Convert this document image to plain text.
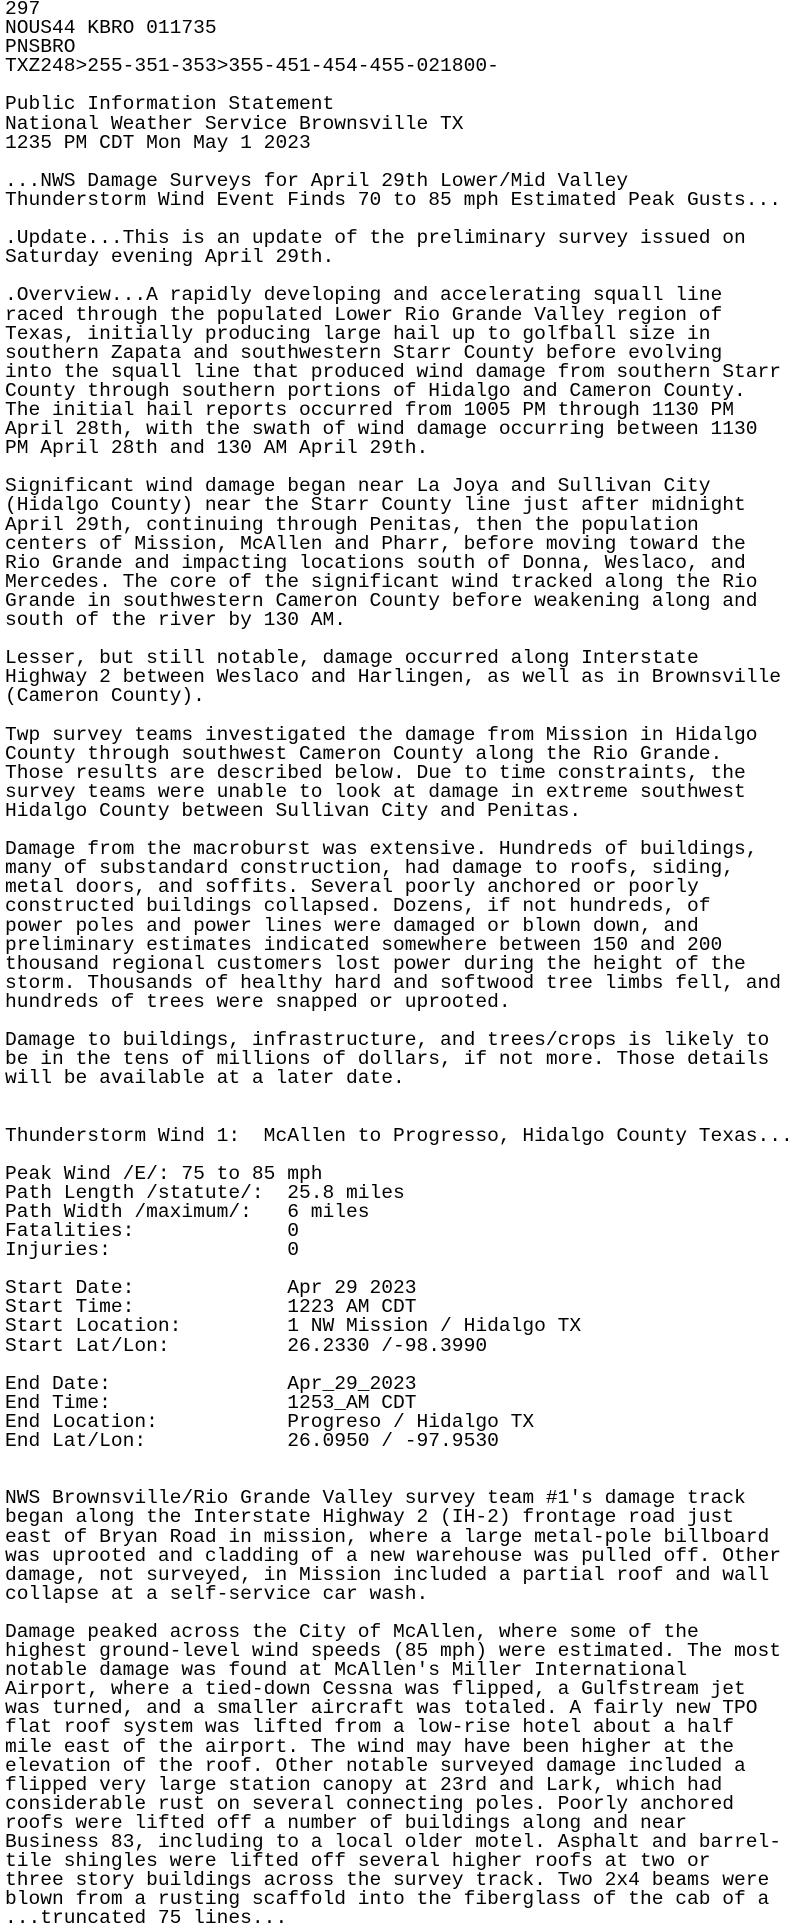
297
NOUS44 KBRO 011735
PNSBRO
TXZ248>255-351-353>355-451-454-455-021800-
Public Information Statement
National Weather Service Brownsville TX
1235 PM CDT Mon May 1 2023
...NWS Damage Surveys for April 29th Lower/Mid Valley
Thunderstorm Wind Event Finds 70 to 85 mph Estimated Peak Gusts...
.Update...This is an update of the preliminary survey issued on
Saturday evening April 29th.
.Overview...A rapidly developing and accelerating squall line
raced through the populated Lower Rio Grande Valley region of
Texas, initially producing large hail up to golfball size in
southern Zapata and southwestern Starr County before evolving
into the squall line that produced wind damage from southern Starr
County through southern portions of Hidalgo and Cameron County.
The initial hail reports occurred from 1005 PM through 1130 PM
April 28th, with the swath of wind damage occurring between 1130
PM April 28th and 130 AM April 29th.
Significant wind damage began near La Joya and Sullivan City
(Hidalgo County) near the Starr County line just after midnight
April 29th, continuing through Penitas, then the population
centers of Mission, McAllen and Pharr, before moving toward the
Rio Grande and impacting locations south of Donna, Weslaco, and
Mercedes. The core of the significant wind tracked along the Rio
Grande in southwestern Cameron County before weakening along and
south of the river by 130 AM.
Lesser, but still notable, damage occurred along Interstate
Highway 2 between Weslaco and Harlingen, as well as in Brownsville
(Cameron County).
Twp survey teams investigated the damage from Mission in Hidalgo
County through southwest Cameron County along the Rio Grande.
Those results are described below. Due to time constraints, the
survey teams were unable to look at damage in extreme southwest
Hidalgo County between Sullivan City and Penitas.
Damage from the macroburst was extensive. Hundreds of buildings,
many of substandard construction, had damage to roofs, siding,
metal doors, and soffits. Several poorly anchored or poorly
constructed buildings collapsed. Dozens, if not hundreds, of
power poles and power lines were damaged or blown down, and
preliminary estimates indicated somewhere between 150 and 200
thousand regional customers lost power during the height of the
storm. Thousands of healthy hard and softwood tree limbs fell, and
hundreds of trees were snapped or uprooted.
Damage to buildings, infrastructure, and trees/crops is likely to
be in the tens of millions of dollars, if not more. Those details
will be available at a later date.
Thunderstorm Wind 1:  McAllen to Progresso, Hidalgo County Texas...
Peak Wind /E/: 75 to 85 mph
Path Length /statute/:  25.8 miles
Path Width /maximum/:   6 miles
Fatalities:             0
Injuries:               0
Start Date:             Apr 29 2023
Start Time:             1223 AM CDT
Start Location:         1 NW Mission / Hidalgo TX
Start Lat/Lon:          26.2330 /-98.3990
End Date:               Apr_29_2023
End Time:               1253_AM CDT
End Location:           Progreso / Hidalgo TX
End Lat/Lon:            26.0950 / -97.9530
NWS Brownsville/Rio Grande Valley survey team #1's damage track
began along the Interstate Highway 2 (IH-2) frontage road just
east of Bryan Road in mission, where a large metal-pole billboard
was uprooted and cladding of a new warehouse was pulled off. Other
damage, not surveyed, in Mission included a partial roof and wall
collapse at a self-service car wash.
Damage peaked across the City of McAllen, where some of the
highest ground-level wind speeds (85 mph) were estimated. The most
notable damage was found at McAllen's Miller International
Airport, where a tied-down Cessna was flipped, a Gulfstream jet
was turned, and a smaller aircraft was totaled. A fairly new TPO
flat roof system was lifted from a low-rise hotel about a half
mile east of the airport. The wind may have been higher at the
elevation of the roof. Other notable surveyed damage included a
flipped very large station canopy at 23rd and Lark, which had
considerable rust on several connecting poles. Poorly anchored
roofs were lifted off a number of buildings along and near
Business 83, including to a local older motel. Asphalt and barrel-
tile shingles were lifted off several higher roofs at two or
three story buildings across the survey track. Two 2x4 beams were
blown from a rusting scaffold into the fiberglass of the cab of a
...truncated 75 lines...
